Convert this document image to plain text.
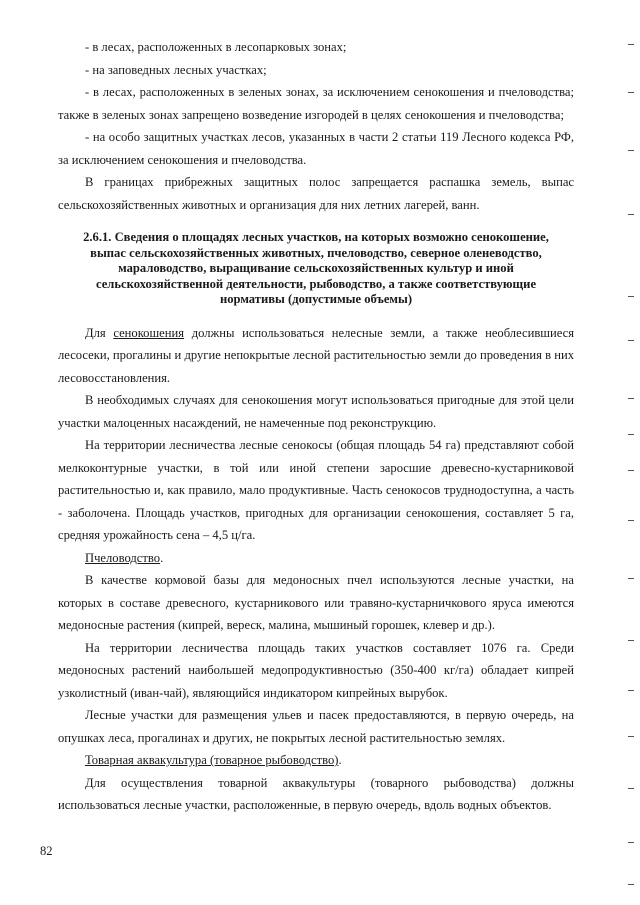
- в лесах, расположенных в лесопарковых зонах;

- на заповедных лесных участках;

- в лесах, расположенных в зеленых зонах, за исключением сенокошения и пчеловодства; также в зеленых зонах запрещено возведение изгородей в целях сенокошения и пчеловодства;

- на особо защитных участках лесов, указанных в части 2 статьи 119 Лесного кодекса РФ, за исключением сенокошения и пчеловодства.

В границах прибрежных защитных полос запрещается распашка земель, выпас сельскохозяйственных животных и организация для них летних лагерей, ванн.

2.6.1. Сведения о площадях лесных участков, на которых возможно сенокошение, выпас сельскохозяйственных животных, пчеловодство, северное оленеводство, мараловодство, выращивание сельскохозяйственных культур и иной сельскохозяйственной деятельности, рыбоводство, а также соответствующие нормативы (допустимые объемы)

Для сенокошения должны использоваться нелесные земли, а также необлесившиеся лесосеки, прогалины и другие непокрытые лесной растительностью земли до проведения в них лесовосстановления.

В необходимых случаях для сенокошения могут использоваться пригодные для этой цели участки малоценных насаждений, не намеченные под реконструкцию.

На территории лесничества лесные сенокосы (общая площадь 54 га) представляют собой мелкоконтурные участки, в той или иной степени заросшие древесно-кустарниковой растительностью и, как правило, мало продуктивные. Часть сенокосов труднодоступна, а часть - заболочена. Площадь участков, пригодных для организации сенокошения, составляет 5 га, средняя урожайность сена – 4,5 ц/га.

Пчеловодство.

В качестве кормовой базы для медоносных пчел используются лесные участки, на которых в составе древесного, кустарникового или травяно-кустарничкового яруса имеются медоносные растения (кипрей, вереск, малина, мышиный горошек, клевер и др.).

На территории лесничества площадь таких участков составляет 1076 га. Среди медоносных растений наибольшей медопродуктивностью (350-400 кг/га) обладает кипрей узколистный (иван-чай), являющийся индикатором кипрейных вырубок.

Лесные участки для размещения ульев и пасек предоставляются, в первую очередь, на опушках леса, прогалинах и других, не покрытых лесной растительностью землях.

Товарная аквакультура (товарное рыбоводство).

Для осуществления товарной аквакультуры (товарного рыбоводства) должны использоваться лесные участки, расположенные, в первую очередь, вдоль водных объектов.

82
